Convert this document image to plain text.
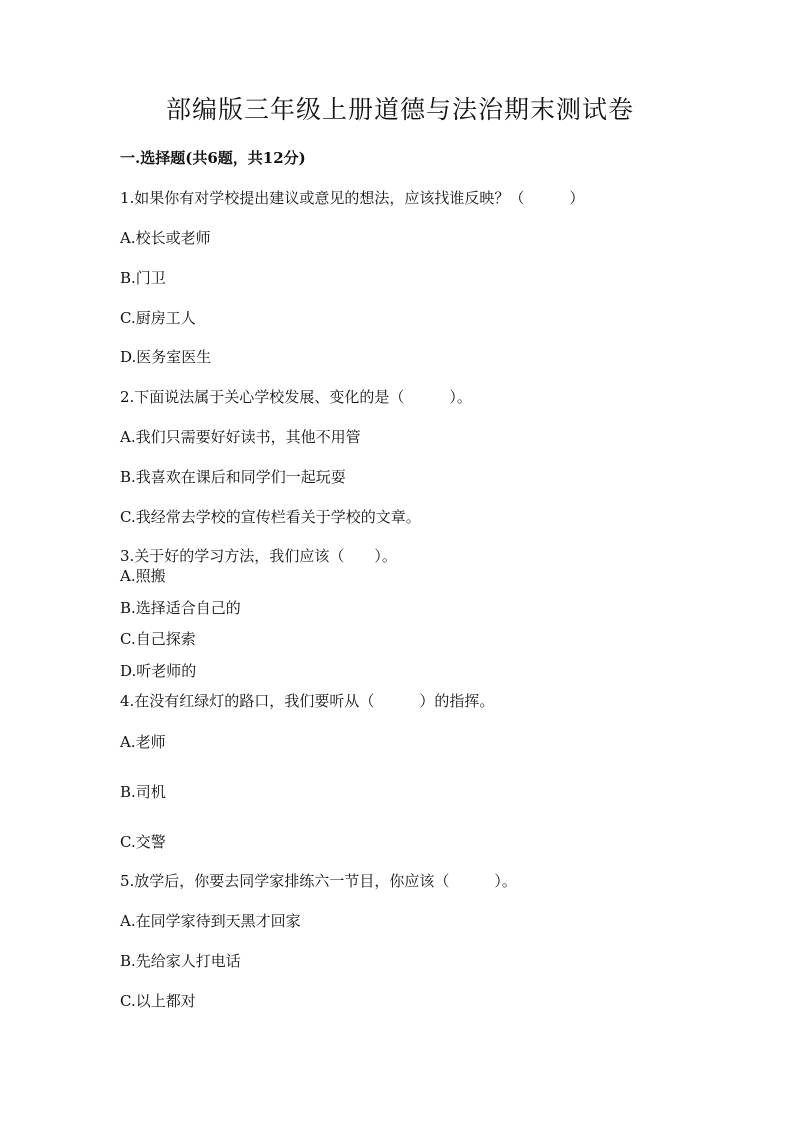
部编版三年级上册道德与法治期末测试卷
一.选择题(共6题，共12分)
1.如果你有对学校提出建议或意见的想法，应该找谁反映？（　　　）
A.校长或老师
B.门卫
C.厨房工人
D.医务室医生
2.下面说法属于关心学校发展、变化的是（　　　）。
A.我们只需要好好读书，其他不用管
B.我喜欢在课后和同学们一起玩耍
C.我经常去学校的宣传栏看关于学校的文章。
3.关于好的学习方法，我们应该（　　）。
A.照搬
B.选择适合自己的
C.自己探索
D.听老师的
4.在没有红绿灯的路口，我们要听从（　　　）的指挥。
A.老师
B.司机
C.交警
5.放学后，你要去同学家排练六一节目，你应该（　　　）。
A.在同学家待到天黑才回家
B.先给家人打电话
C.以上都对
